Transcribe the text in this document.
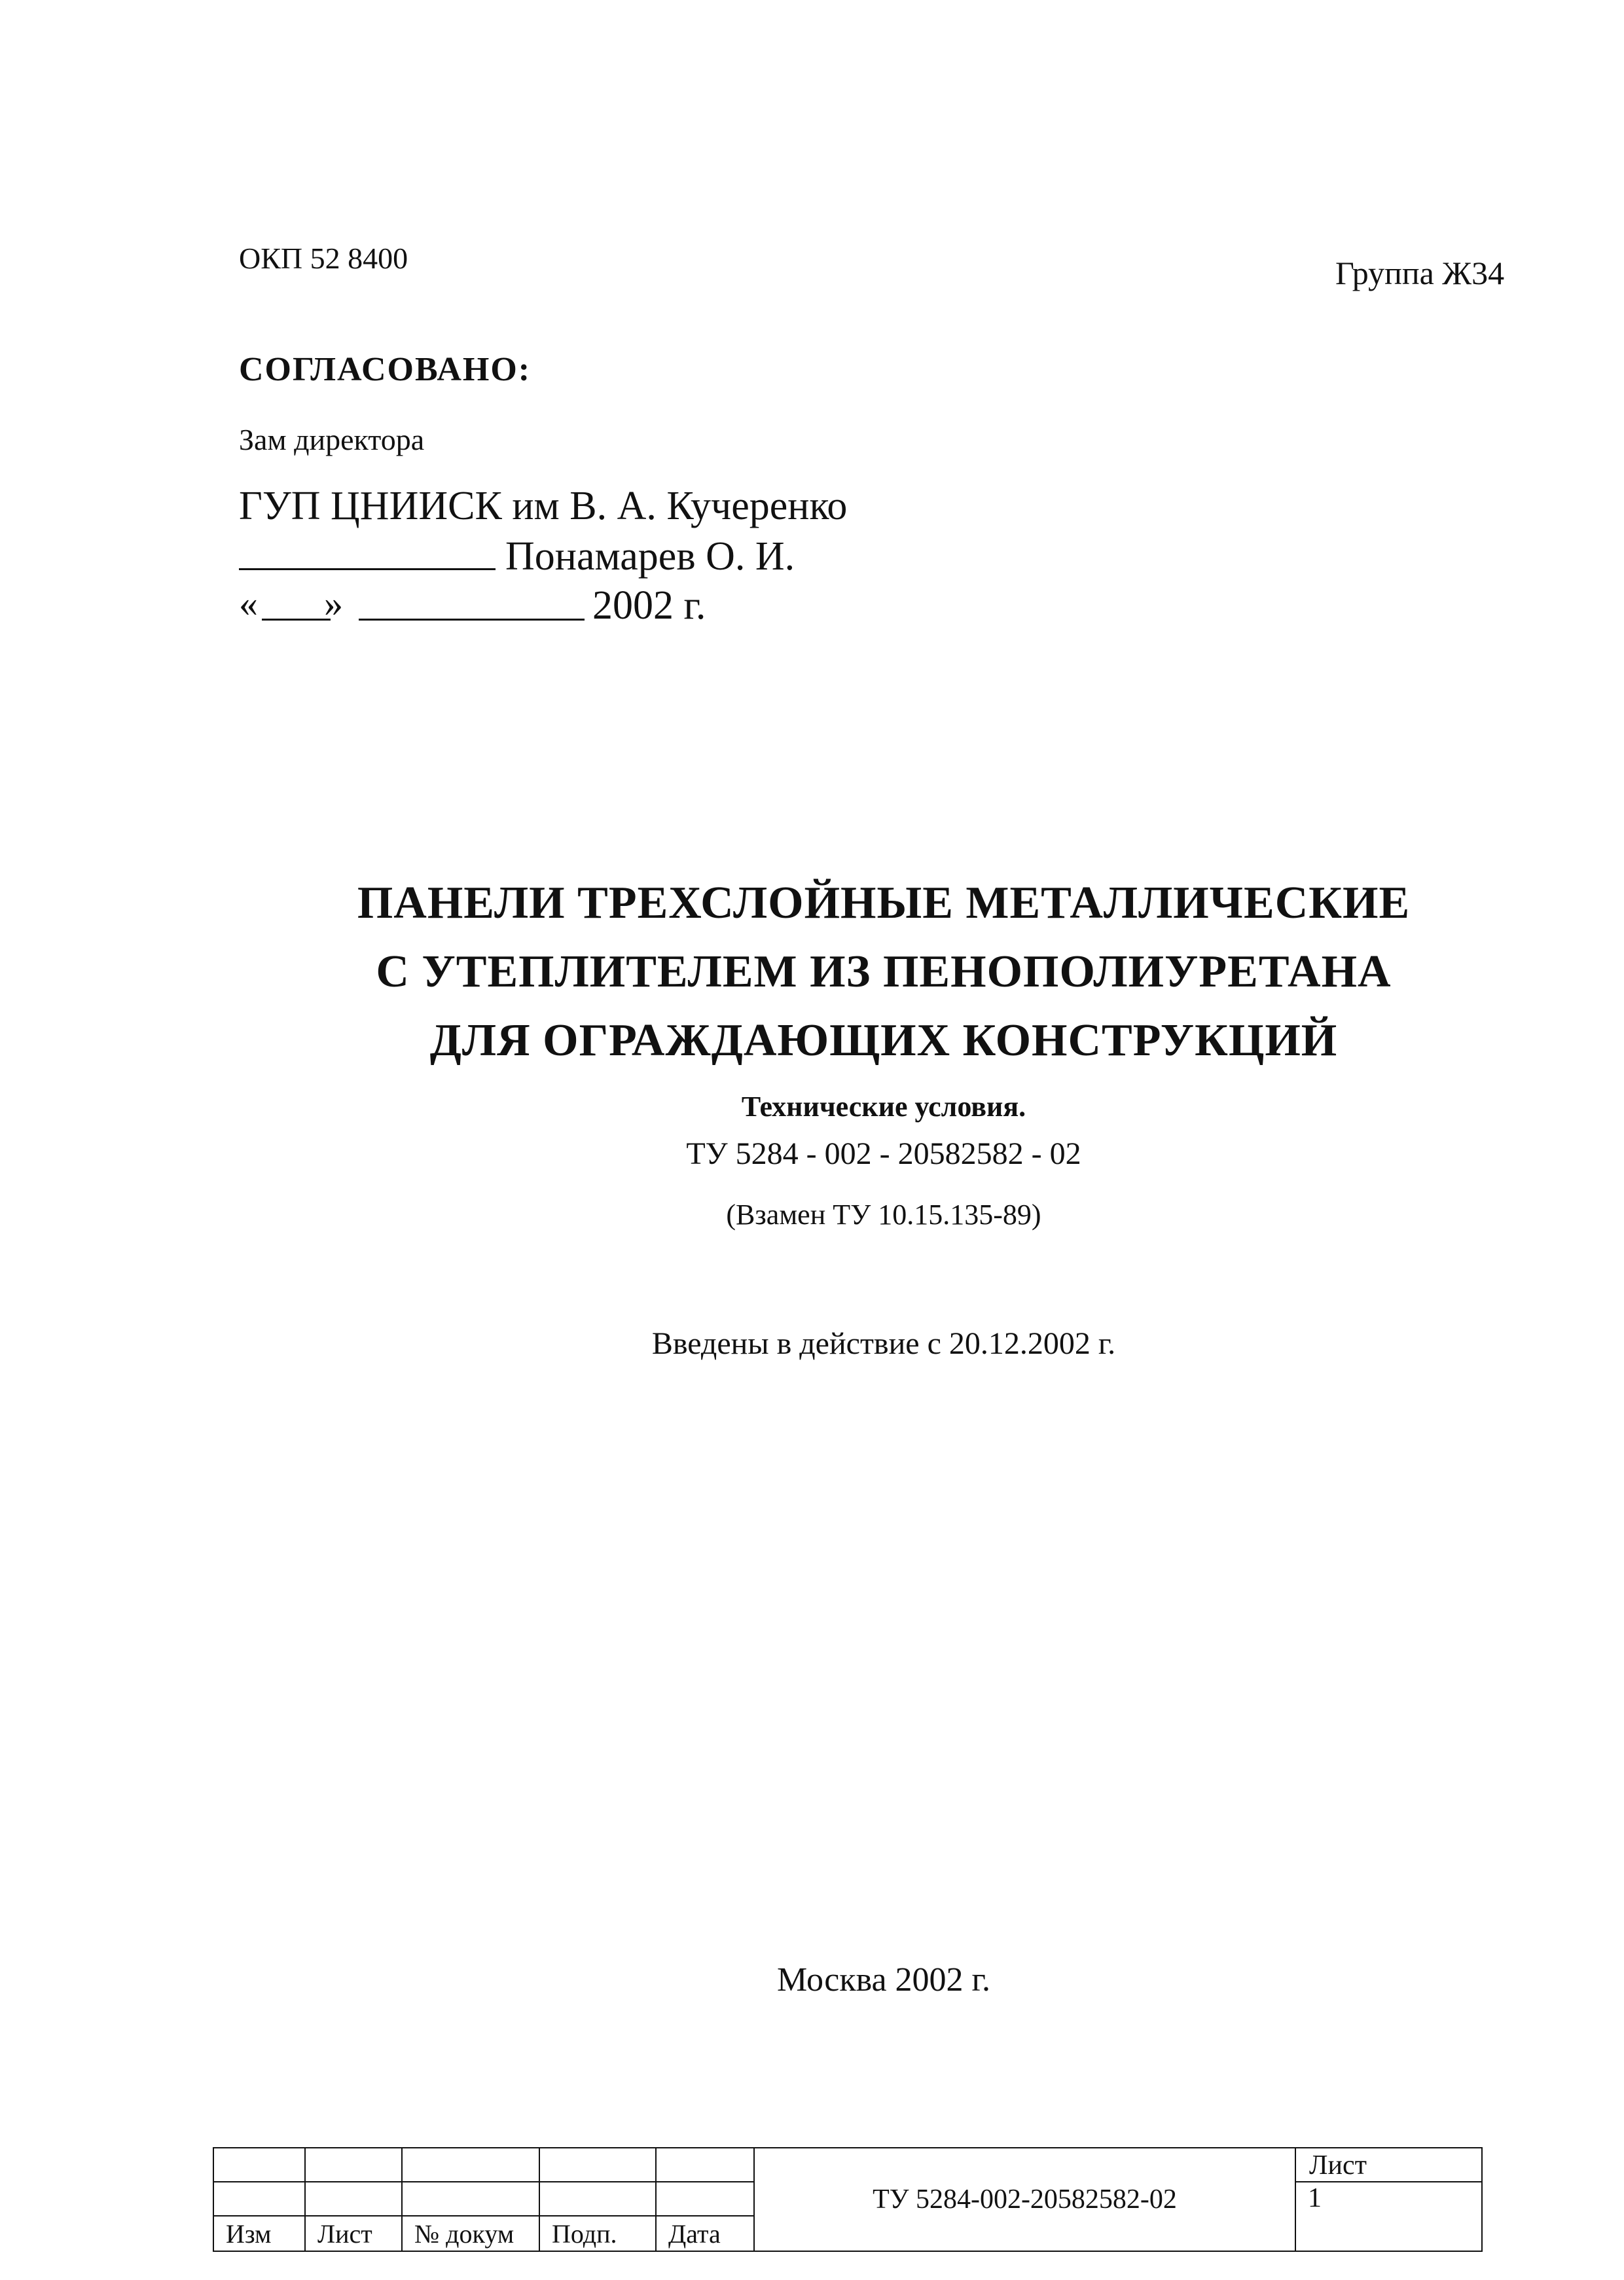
ОКП 52 8400	Группа Ж34
СОГЛАСОВАНО:
Зам директора
ГУП ЦНИИСК им В. А. Кучеренко
Понамарев О. И.
« »	2002 г.
ПАНЕЛИ ТРЕХСЛОЙНЫЕ МЕТАЛЛИЧЕСКИЕ
С УТЕПЛИТЕЛЕМ ИЗ ПЕНОПОЛИУРЕТАНА
ДЛЯ ОГРАЖДАЮЩИХ КОНСТРУКЦИЙ
Технические условия.
ТУ 5284 - 002 - 20582582 - 02
(Взамен ТУ 10.15.135-89)
Введены в действие с 20.12.2002 г.
Москва 2002 г.
					ТУ 5284-002-20582582-02	Лист
						1
Изм	Лист	№ докум	Подп.	Дата		
